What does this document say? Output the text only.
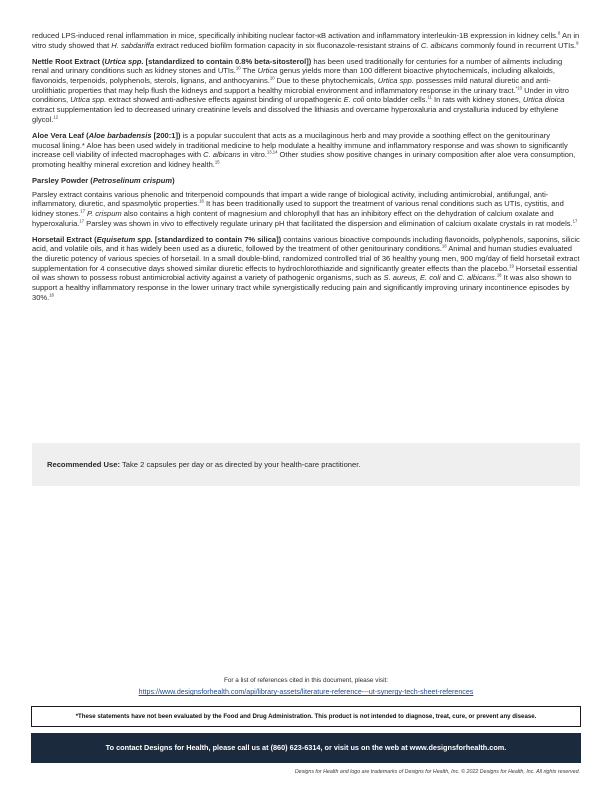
reduced LPS-induced renal inflammation in mice, specifically inhibiting nuclear factor-κB activation and inflammatory interleukin-1B expression in kidney cells.$^8$ An in vitro study showed that H. sabdariffa extract reduced biofilm formation capacity in six fluconazole-resistant strains of C. albicans commonly found in recurrent UTIs.$^9$

Nettle Root Extract (Urtica spp. [standardized to contain 0.8% beta-sitosterol]) has been used traditionally for centuries for a number of ailments including renal and urinary conditions such as kidney stones and UTIs.$^{10}$ The Urtica genus yields more than 100 different bioactive phytochemicals, including alkaloids, flavonoids, terpenoids, polyphenols, sterols, lignans, and anthocyanins.$^{10}$ Due to these phytochemicals, Urtica spp. possesses mild natural diuretic and anti-urolithiatic properties that may help flush the kidneys and support a healthy microbial environment and inflammatory response in the urinary tract.$^{*10}$ Under in vitro conditions, Urtica spp. extract showed anti-adhesive effects against binding of uropathogenic E. coli onto bladder cells.$^{11}$ In rats with kidney stones, Urtica dioica extract supplementation led to decreased urinary creatinine levels and dissolved the lithiasis and overcame hyperoxaluria and crystalluria induced by ethylene glycol.$^{12}$

Aloe Vera Leaf (Aloe barbadensis [200:1]) is a popular succulent that acts as a mucilaginous herb and may provide a soothing effect on the genitourinary mucosal lining.* Aloe has been used widely in traditional medicine to help modulate a healthy immune and inflammatory response and was shown to significantly increase cell viability of infected macrophages with C. albicans in vitro.$^{13,14}$ Other studies show positive changes in urinary composition after aloe vera consumption, promoting healthy mineral excretion and kidney health.$^{15}$

Parsley Powder (Petroselinum crispum)

Parsley extract contains various phenolic and triterpenoid compounds that impart a wide range of biological activity, including antimicrobial, antifungal, anti-inflammatory, diuretic, and spasmolytic properties.$^{16}$ It has been traditionally used to support the treatment of various renal conditions such as UTIs, cystitis, and kidney stones.$^{17}$ P. crispum also contains a high content of magnesium and chlorophyll that has an inhibitory effect on the dehydration of calcium oxalate and hyperoxaluria.$^{17}$ Parsley was shown in vivo to effectively regulate urinary pH that facilitated the dispersion and elimination of calcium oxalate crystals in rat models.$^{17}$

Horsetail Extract (Equisetum spp. [standardized to contain 7% silica]) contains various bioactive compounds including flavonoids, polyphenols, saponins, silicic acid, and volatile oils, and it has widely been used as a diuretic, followed by the treatment of other genitourinary conditions.$^{18}$ Animal and human studies evaluated the diuretic potency of various species of horsetail. In a small double-blind, randomized controlled trial of 36 healthy young men, 900 mg/day of field horsetail extract supplementation for 4 consecutive days showed similar diuretic effects to hydrochlorothiazide and significantly greater effects than the placebo.$^{19}$ Horsetail essential oil was shown to possess robust antimicrobial activity against a variety of pathogenic organisms, such as S. aureus, E. coli and C. albicans.$^{18}$ It was also shown to support a healthy inflammatory response in the lower urinary tract while synergistically reducing pain and significantly improving urinary incontinence episodes by 30%.$^{18}$

Recommended Use: Take 2 capsules per day or as directed by your health-care practitioner.
For a list of references cited in this document, please visit:
https://www.designsforhealth.com/api/library-assets/literature-reference---ut-synergy-tech-sheet-references
*These statements have not been evaluated by the Food and Drug Administration. This product is not intended to diagnose, treat, cure, or prevent any disease.
To contact Designs for Health, please call us at (860) 623-6314, or visit us on the web at www.designsforhealth.com.
Designs for Health and logo are trademarks of Designs for Health, Inc. © 2022 Designs for Health, Inc. All rights reserved.
